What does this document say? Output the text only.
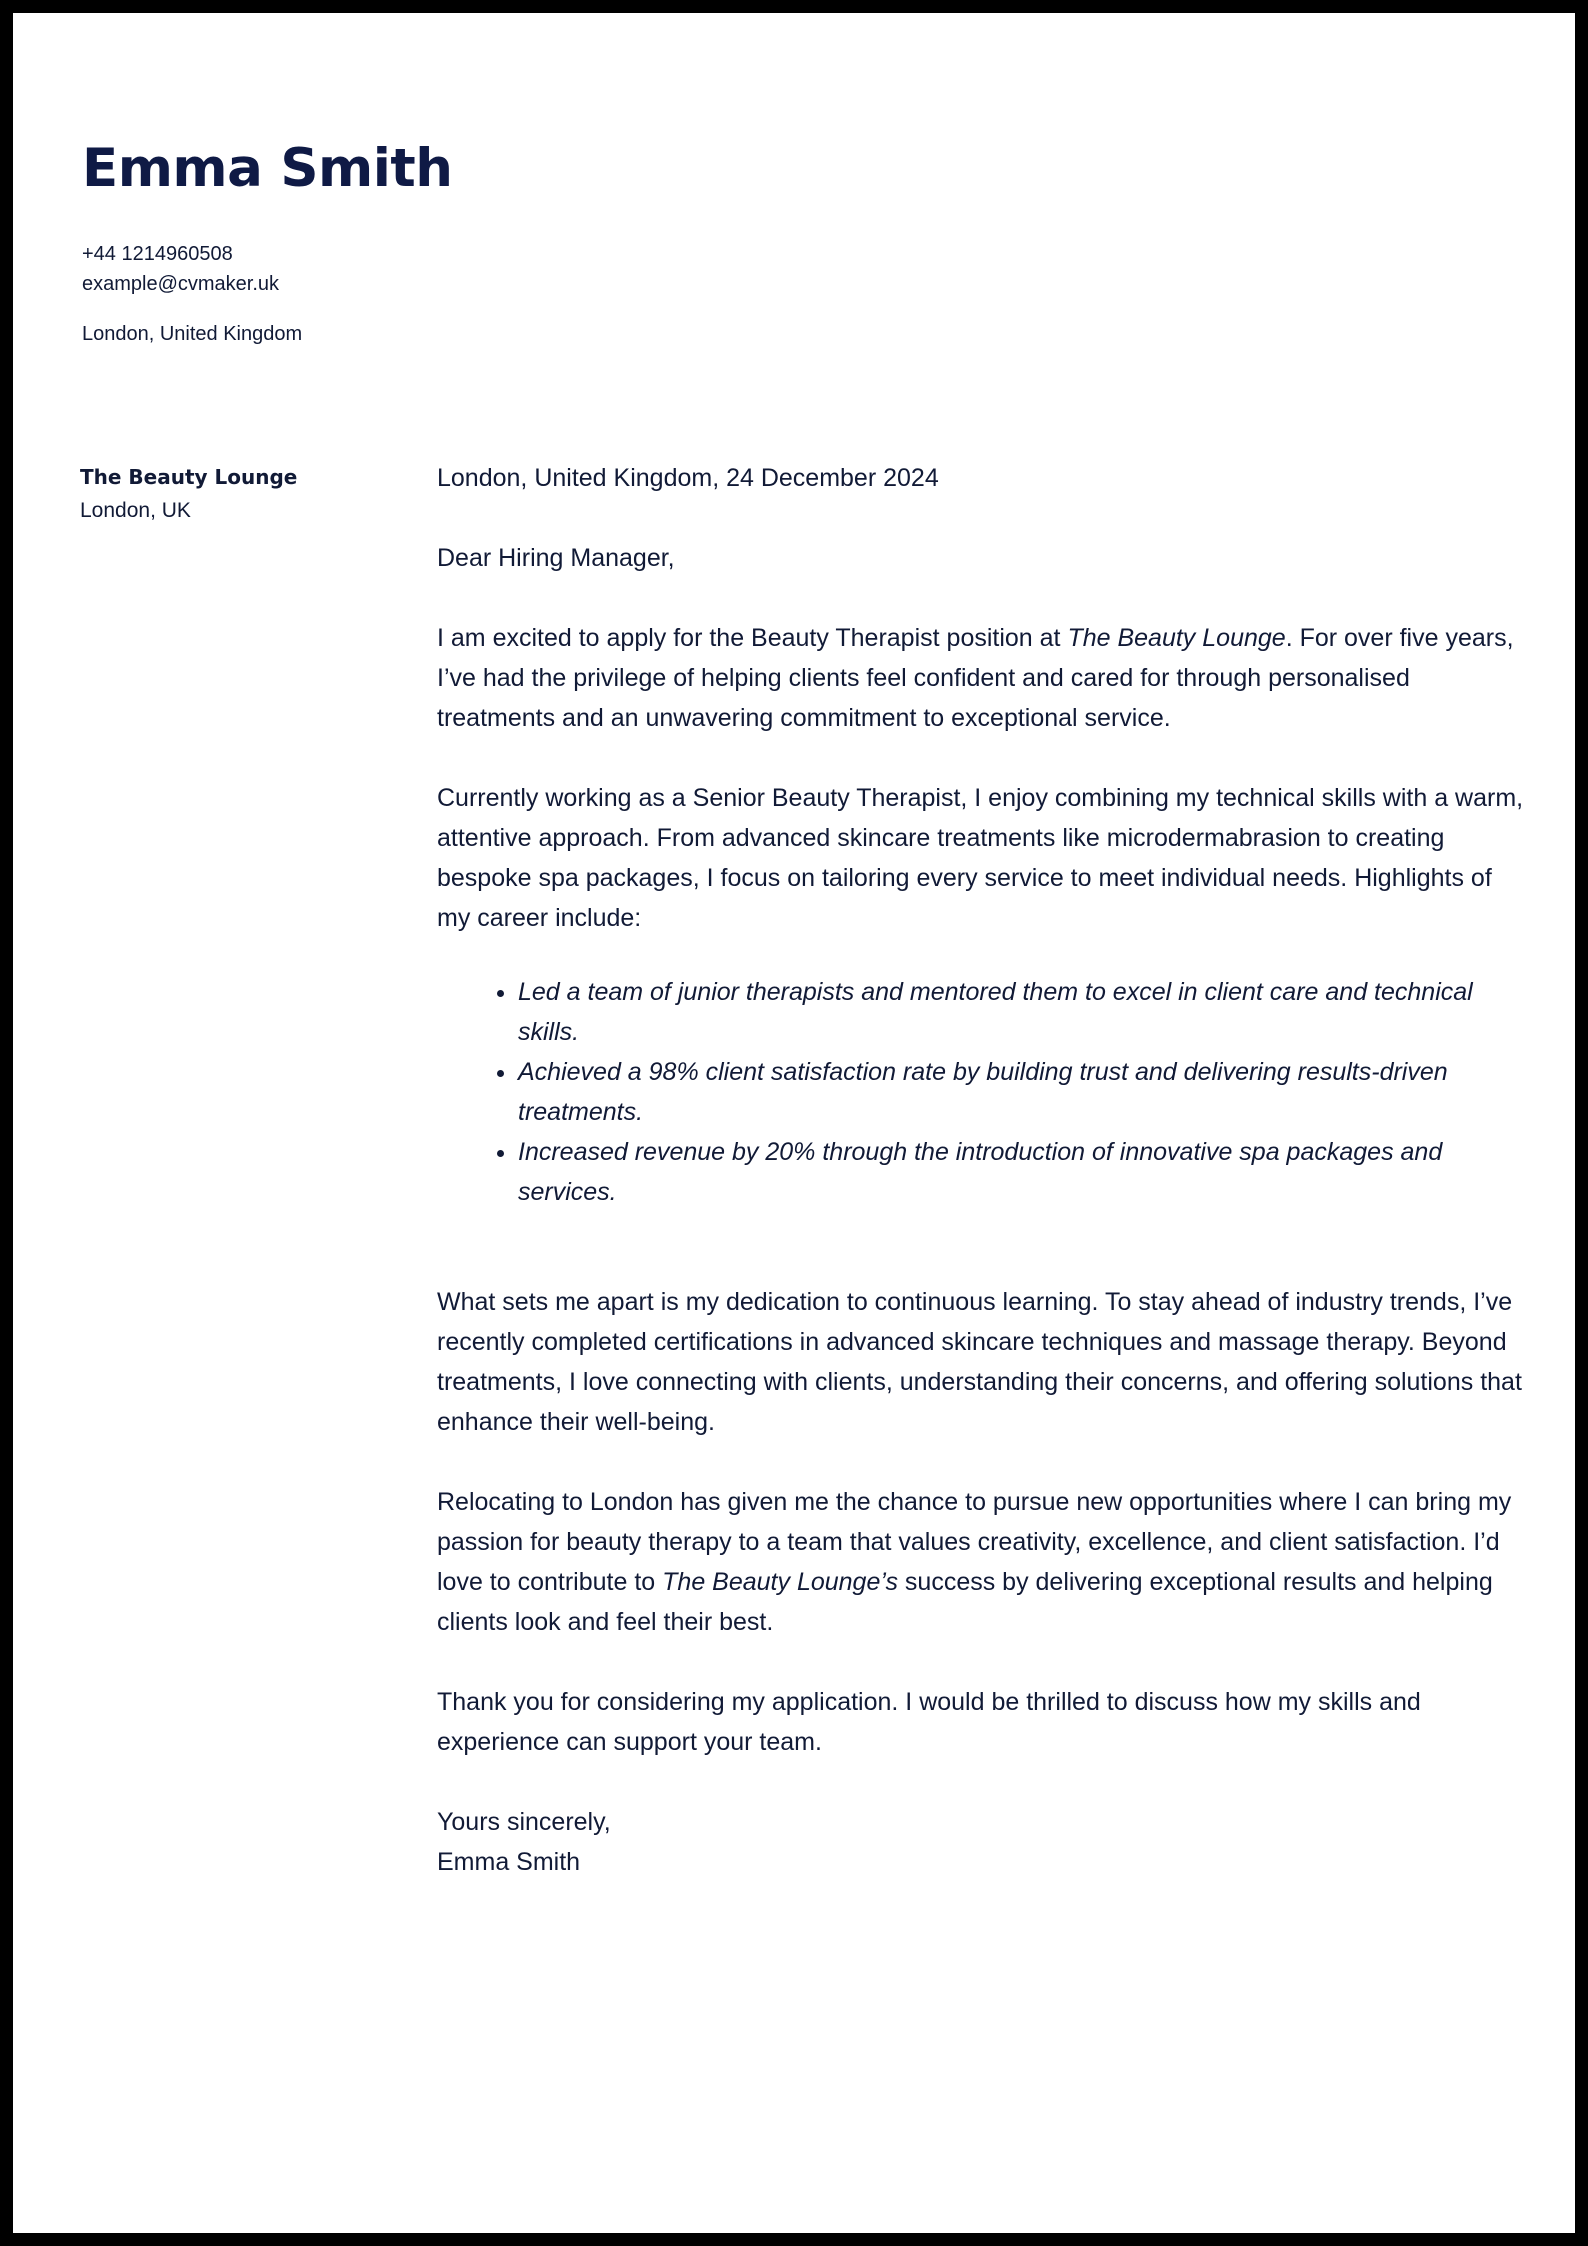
Emma Smith
+44 1214960508
example@cvmaker.uk
London, United Kingdom
The Beauty Lounge
London, UK

London, United Kingdom, 24 December 2024

Dear Hiring Manager,

I am excited to apply for the Beauty Therapist position at The Beauty Lounge. For over five years, I’ve had the privilege of helping clients feel confident and cared for through personalised treatments and an unwavering commitment to exceptional service.

Currently working as a Senior Beauty Therapist, I enjoy combining my technical skills with a warm, attentive approach. From advanced skincare treatments like microdermabrasion to creating bespoke spa packages, I focus on tailoring every service to meet individual needs. Highlights of my career include:

• Led a team of junior therapists and mentored them to excel in client care and technical skills.
• Achieved a 98% client satisfaction rate by building trust and delivering results-driven treatments.
• Increased revenue by 20% through the introduction of innovative spa packages and services.

What sets me apart is my dedication to continuous learning. To stay ahead of industry trends, I’ve recently completed certifications in advanced skincare techniques and massage therapy. Beyond treatments, I love connecting with clients, understanding their concerns, and offering solutions that enhance their well-being.

Relocating to London has given me the chance to pursue new opportunities where I can bring my passion for beauty therapy to a team that values creativity, excellence, and client satisfaction. I’d love to contribute to The Beauty Lounge’s success by delivering exceptional results and helping clients look and feel their best.

Thank you for considering my application. I would be thrilled to discuss how my skills and experience can support your team.

Yours sincerely,
Emma Smith
